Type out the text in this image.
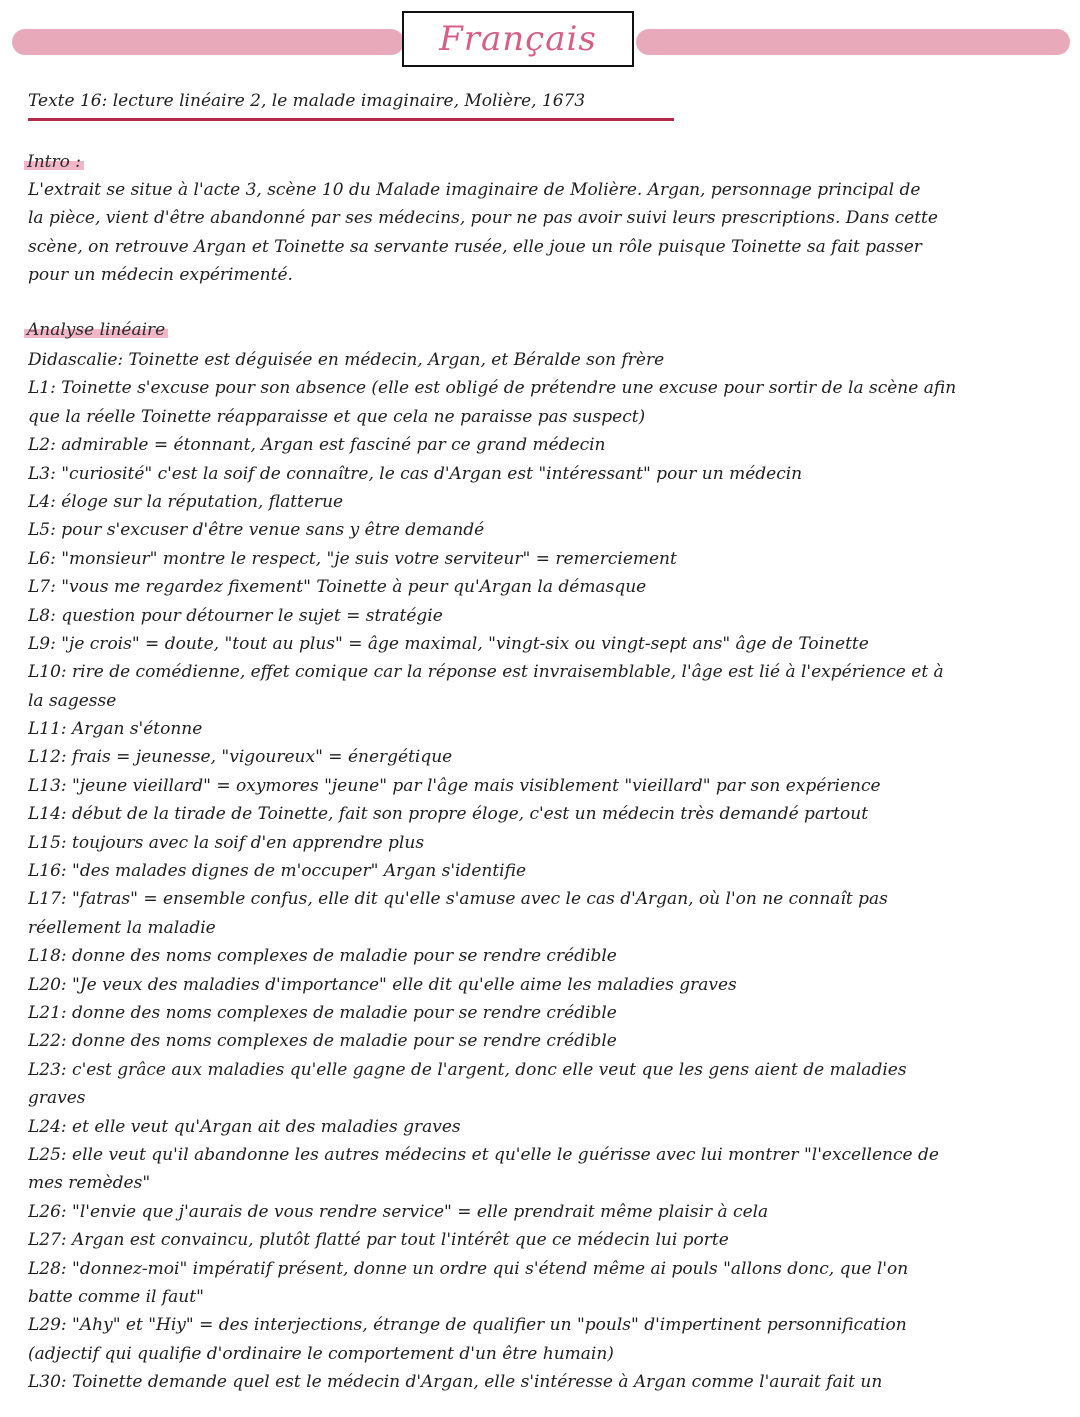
Français
Texte 16: lecture linéaire 2, le malade imaginaire, Molière, 1673
Intro :
L'extrait se situe à l'acte 3, scène 10 du Malade imaginaire de Molière. Argan, personnage principal de
la pièce, vient d'être abandonné par ses médecins, pour ne pas avoir suivi leurs prescriptions. Dans cette
scène, on retrouve Argan et Toinette sa servante rusée, elle joue un rôle puisque Toinette sa fait passer
pour un médecin expérimenté.
Analyse linéaire
Didascalie: Toinette est déguisée en médecin, Argan, et Béralde son frère
L1: Toinette s'excuse pour son absence (elle est obligé de prétendre une excuse pour sortir de la scène afin
que la réelle Toinette réapparaisse et que cela ne paraisse pas suspect)
L2: admirable = étonnant, Argan est fasciné par ce grand médecin
L3: "curiosité" c'est la soif de connaître, le cas d'Argan est "intéressant" pour un médecin
L4: éloge sur la réputation, flatterue
L5: pour s'excuser d'être venue sans y être demandé
L6: "monsieur" montre le respect, "je suis votre serviteur" = remerciement
L7: "vous me regardez fixement" Toinette à peur qu'Argan la démasque
L8: question pour détourner le sujet = stratégie
L9: "je crois" = doute, "tout au plus" = âge maximal, "vingt-six ou vingt-sept ans" âge de Toinette
L10: rire de comédienne, effet comique car la réponse est invraisemblable, l'âge est lié à l'expérience et à
la sagesse
L11: Argan s'étonne
L12: frais = jeunesse, "vigoureux" = énergétique
L13: "jeune vieillard" = oxymores "jeune" par l'âge mais visiblement "vieillard" par son expérience
L14: début de la tirade de Toinette, fait son propre éloge, c'est un médecin très demandé partout
L15: toujours avec la soif d'en apprendre plus
L16: "des malades dignes de m'occuper" Argan s'identifie
L17: "fatras" = ensemble confus, elle dit qu'elle s'amuse avec le cas d'Argan, où l'on ne connaît pas
réellement la maladie
L18: donne des noms complexes de maladie pour se rendre crédible
L20: "Je veux des maladies d'importance" elle dit qu'elle aime les maladies graves
L21: donne des noms complexes de maladie pour se rendre crédible
L22: donne des noms complexes de maladie pour se rendre crédible
L23: c'est grâce aux maladies qu'elle gagne de l'argent, donc elle veut que les gens aient de maladies
graves
L24: et elle veut qu'Argan ait des maladies graves
L25: elle veut qu'il abandonne les autres médecins et qu'elle le guérisse avec lui montrer "l'excellence de
mes remèdes"
L26: "l'envie que j'aurais de vous rendre service" = elle prendrait même plaisir à cela
L27: Argan est convaincu, plutôt flatté par tout l'intérêt que ce médecin lui porte
L28: "donnez-moi" impératif présent, donne un ordre qui s'étend même ai pouls "allons donc, que l'on
batte comme il faut"
L29: "Ahy" et "Hiy" = des interjections, étrange de qualifier un "pouls" d'impertinent personnification
(adjectif qui qualifie d'ordinaire le comportement d'un être humain)
L30: Toinette demande quel est le médecin d'Argan, elle s'intéresse à Argan comme l'aurait fait un
